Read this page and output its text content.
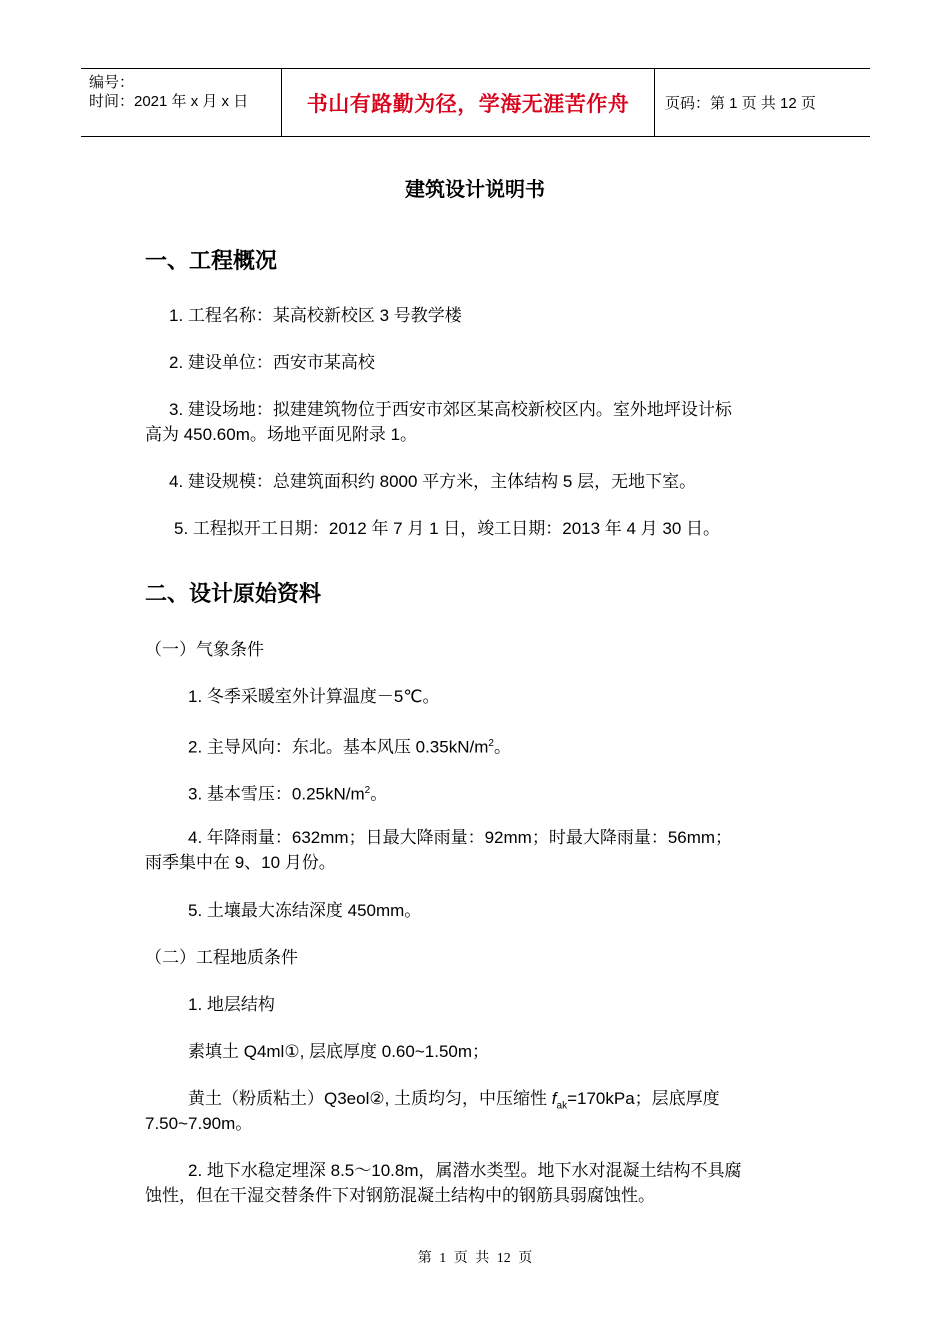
编号：
时间：2021 年 x 月 x 日	书山有路勤为径，学海无涯苦作舟	页码：第 1 页 共 12 页
建筑设计说明书
一、工程概况
1. 工程名称：某高校新校区 3 号教学楼
2. 建设单位：西安市某高校
3. 建设场地：拟建建筑物位于西安市郊区某高校新校区内。室外地坪设计标
高为 450.60m。场地平面见附录 1。
4. 建设规模：总建筑面积约 8000 平方米，主体结构 5 层，无地下室。
5. 工程拟开工日期：2012 年 7 月 1 日，竣工日期：2013 年 4 月 30 日。
二、设计原始资料
（一）气象条件
1. 冬季采暖室外计算温度－5℃。
2. 主导风向：东北。基本风压 $0.35kN/m^2$。
3. 基本雪压：$0.25kN/m^2$。
4. 年降雨量：632mm；日最大降雨量：92mm；时最大降雨量：56mm；
雨季集中在 9、10 月份。
5. 土壤最大冻结深度 450mm。
（二）工程地质条件
1. 地层结构
素填土 Q4ml①, 层底厚度 0.60~1.50m；
黄土（粉质粘土）Q3eol②, 土质均匀，中压缩性 $f_{ak}=170kPa$；层底厚度
7.50~7.90m。
2. 地下水稳定埋深 8.5～10.8m，属潜水类型。地下水对混凝土结构不具腐
蚀性，但在干湿交替条件下对钢筋混凝土结构中的钢筋具弱腐蚀性。
第 1 页 共 12 页
